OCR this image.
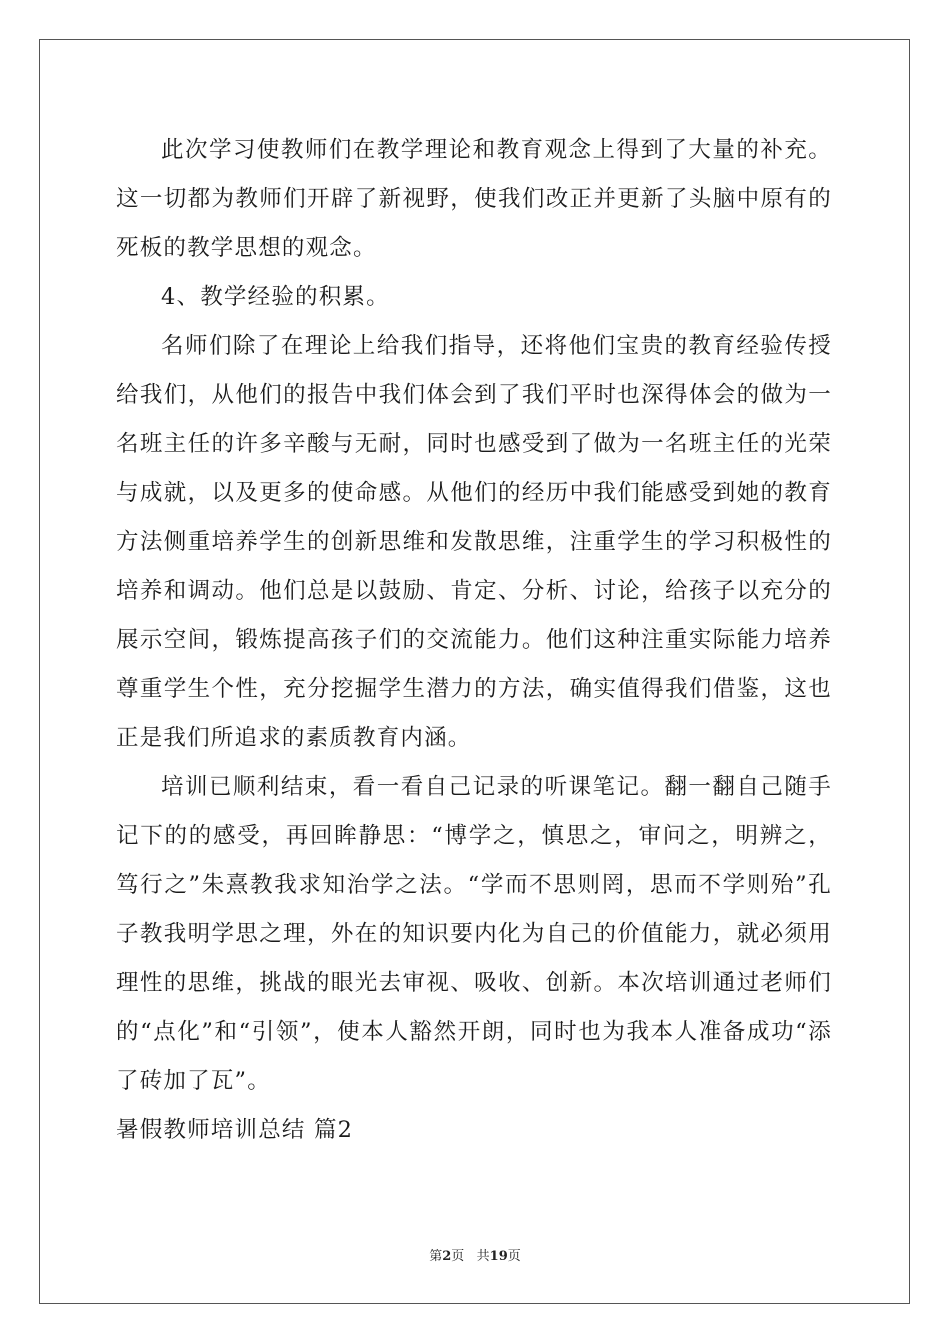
此次学习使教师们在教学理论和教育观念上得到了大量的补充。这一切都为教师们开辟了新视野，使我们改正并更新了头脑中原有的死板的教学思想的观念。

4、教学经验的积累。

名师们除了在理论上给我们指导，还将他们宝贵的教育经验传授给我们，从他们的报告中我们体会到了我们平时也深得体会的做为一名班主任的许多辛酸与无耐，同时也感受到了做为一名班主任的光荣与成就，以及更多的使命感。从他们的经历中我们能感受到她的教育方法侧重培养学生的创新思维和发散思维，注重学生的学习积极性的培养和调动。他们总是以鼓励、肯定、分析、讨论，给孩子以充分的展示空间，锻炼提高孩子们的交流能力。他们这种注重实际能力培养尊重学生个性，充分挖掘学生潜力的方法，确实值得我们借鉴，这也正是我们所追求的素质教育内涵。

培训已顺利结束，看一看自己记录的听课笔记。翻一翻自己随手记下的的感受，再回眸静思：“博学之，慎思之，审问之，明辨之，笃行之”朱熹教我求知治学之法。“学而不思则罔，思而不学则殆”孔子教我明学思之理，外在的知识要内化为自己的价值能力，就必须用理性的思维，挑战的眼光去审视、吸收、创新。本次培训通过老师们的“点化”和“引领”，使本人豁然开朗，同时也为我本人准备成功“添了砖加了瓦”。

暑假教师培训总结 篇2

第2页   共19页
